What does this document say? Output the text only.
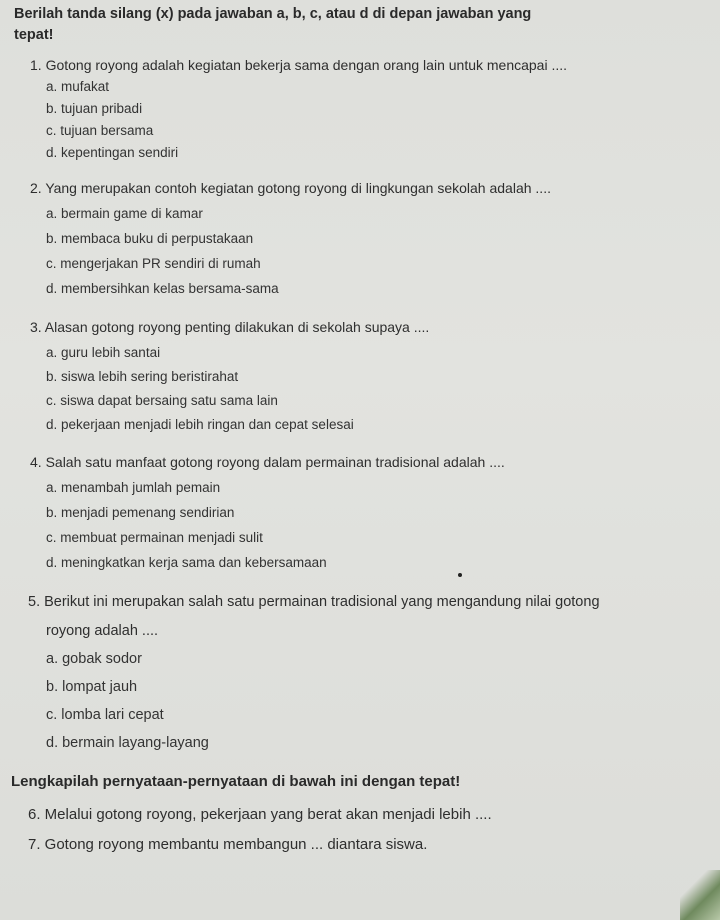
Berilah tanda silang (x) pada jawaban a, b, c, atau d di depan jawaban yang
tepat!
1. Gotong royong adalah kegiatan bekerja sama dengan orang lain untuk mencapai ....
a. mufakat
b. tujuan pribadi
c. tujuan bersama
d. kepentingan sendiri
2. Yang merupakan contoh kegiatan gotong royong di lingkungan sekolah adalah ....
a. bermain game di kamar
b. membaca buku di perpustakaan
c. mengerjakan PR sendiri di rumah
d. membersihkan kelas bersama-sama
3. Alasan gotong royong penting dilakukan di sekolah supaya ....
a. guru lebih santai
b. siswa lebih sering beristirahat
c. siswa dapat bersaing satu sama lain
d. pekerjaan menjadi lebih ringan dan cepat selesai
4. Salah satu manfaat gotong royong dalam permainan tradisional adalah ....
a. menambah jumlah pemain
b. menjadi pemenang sendirian
c. membuat permainan menjadi sulit
d. meningkatkan kerja sama dan kebersamaan
5. Berikut ini merupakan salah satu permainan tradisional yang mengandung nilai gotong
royong adalah ....
a. gobak sodor
b. lompat jauh
c. lomba lari cepat
d. bermain layang-layang
Lengkapilah pernyataan-pernyataan di bawah ini dengan tepat!
6. Melalui gotong royong, pekerjaan yang berat akan menjadi lebih ....
7. Gotong royong membantu membangun ... diantara siswa.
